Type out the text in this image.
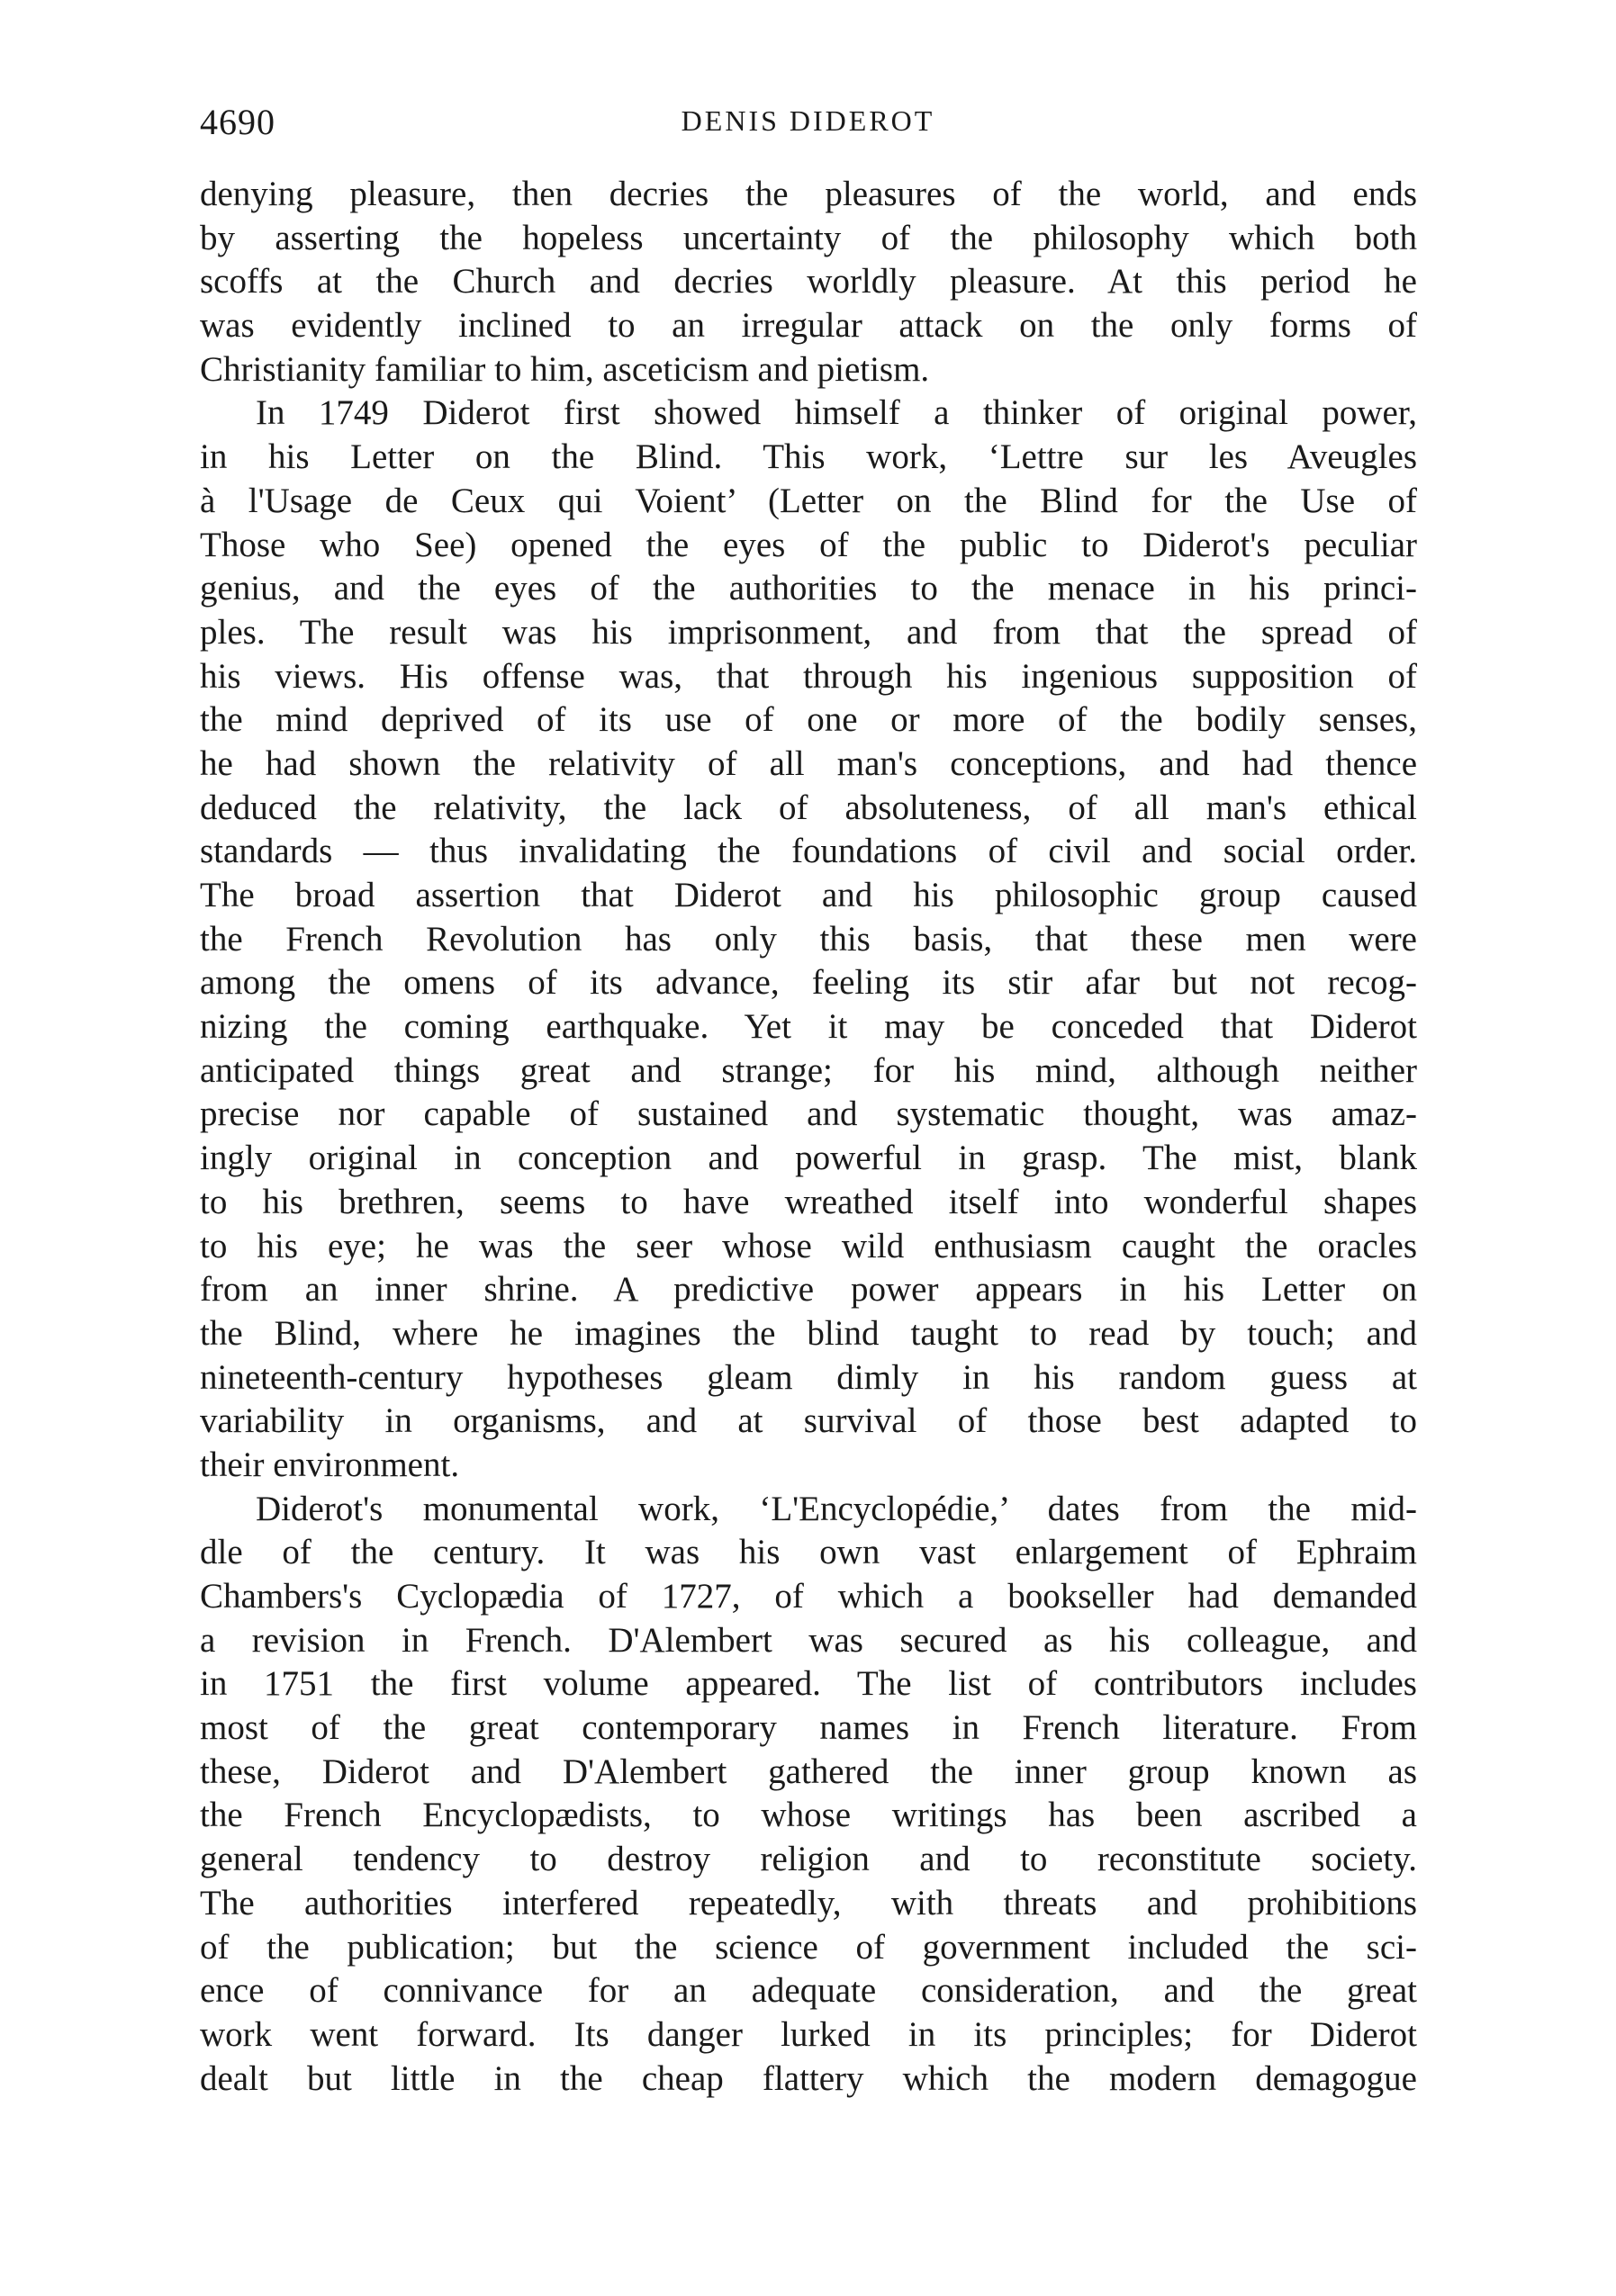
4690	DENIS DIDEROT
denying pleasure, then decries the pleasures of the world, and ends
by asserting the hopeless uncertainty of the philosophy which both
scoffs at the Church and decries worldly pleasure. At this period he
was evidently inclined to an irregular attack on the only forms of
Christianity familiar to him, asceticism and pietism.
In 1749 Diderot first showed himself a thinker of original power,
in his Letter on the Blind. This work, ‘Lettre sur les Aveugles
à l'Usage de Ceux qui Voient’ (Letter on the Blind for the Use of
Those who See) opened the eyes of the public to Diderot's peculiar
genius, and the eyes of the authorities to the menace in his princi-
ples. The result was his imprisonment, and from that the spread of
his views. His offense was, that through his ingenious supposition of
the mind deprived of its use of one or more of the bodily senses,
he had shown the relativity of all man's conceptions, and had thence
deduced the relativity, the lack of absoluteness, of all man's ethical
standards — thus invalidating the foundations of civil and social order.
The broad assertion that Diderot and his philosophic group caused
the French Revolution has only this basis, that these men were
among the omens of its advance, feeling its stir afar but not recog-
nizing the coming earthquake. Yet it may be conceded that Diderot
anticipated things great and strange; for his mind, although neither
precise nor capable of sustained and systematic thought, was amaz-
ingly original in conception and powerful in grasp. The mist, blank
to his brethren, seems to have wreathed itself into wonderful shapes
to his eye; he was the seer whose wild enthusiasm caught the oracles
from an inner shrine. A predictive power appears in his Letter on
the Blind, where he imagines the blind taught to read by touch; and
nineteenth-century hypotheses gleam dimly in his random guess at
variability in organisms, and at survival of those best adapted to
their environment.
Diderot's monumental work, ‘L'Encyclopédie,’ dates from the mid-
dle of the century. It was his own vast enlargement of Ephraim
Chambers's Cyclopædia of 1727, of which a bookseller had demanded
a revision in French. D'Alembert was secured as his colleague, and
in 1751 the first volume appeared. The list of contributors includes
most of the great contemporary names in French literature. From
these, Diderot and D'Alembert gathered the inner group known as
the French Encyclopædists, to whose writings has been ascribed a
general tendency to destroy religion and to reconstitute society.
The authorities interfered repeatedly, with threats and prohibitions
of the publication; but the science of government included the sci-
ence of connivance for an adequate consideration, and the great
work went forward. Its danger lurked in its principles; for Diderot
dealt but little in the cheap flattery which the modern demagogue
